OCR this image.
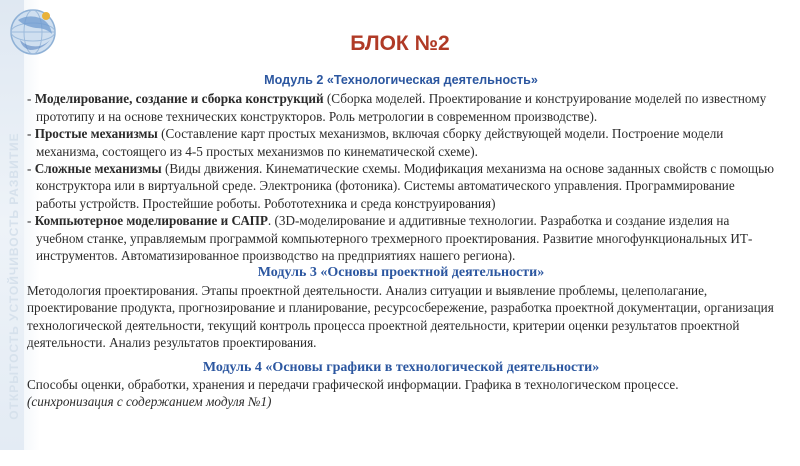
ОТКРЫТОСТЬ УСТОЙЧИВОСТЬ РАЗВИТИЕ
БЛОК №2
Модуль 2 «Технологическая деятельность»
- Моделирование, создание и сборка конструкций (Сборка моделей. Проектирование и конструирование моделей по известному прототипу и на основе технических конструкторов. Роль метрологии в современном производстве).
- Простые механизмы (Составление карт простых механизмов, включая сборку действующей модели. Построение модели механизма, состоящего из 4-5 простых механизмов по кинематической схеме).
- Сложные механизмы (Виды движения. Кинематические схемы. Модификация механизма на основе заданных свойств с помощью конструктора или в виртуальной среде. Электроника (фотоника). Системы автоматического управления. Программирование работы устройств. Простейшие роботы. Робототехника и среда конструирования)
- Компьютерное моделирование и САПР. (3D-моделирование и аддитивные технологии. Разработка и создание изделия на учебном станке, управляемым программой компьютерного трехмерного проектирования. Развитие многофункциональных ИТ-инструментов. Автоматизированное производство на предприятиях нашего региона).
Модуль 3 «Основы проектной деятельности»
Методология проектирования. Этапы проектной деятельности. Анализ ситуации и выявление проблемы, целеполагание, проектирование продукта, прогнозирование и планирование, ресурсосбережение, разработка проектной документации, организация технологической деятельности, текущий контроль процесса проектной деятельности, критерии оценки результатов проектной деятельности. Анализ результатов проектирования.
Модуль 4 «Основы графики в технологической деятельности»
Способы оценки, обработки, хранения и передачи графической информации. Графика в технологическом процессе.
(синхронизация с содержанием модуля №1)
